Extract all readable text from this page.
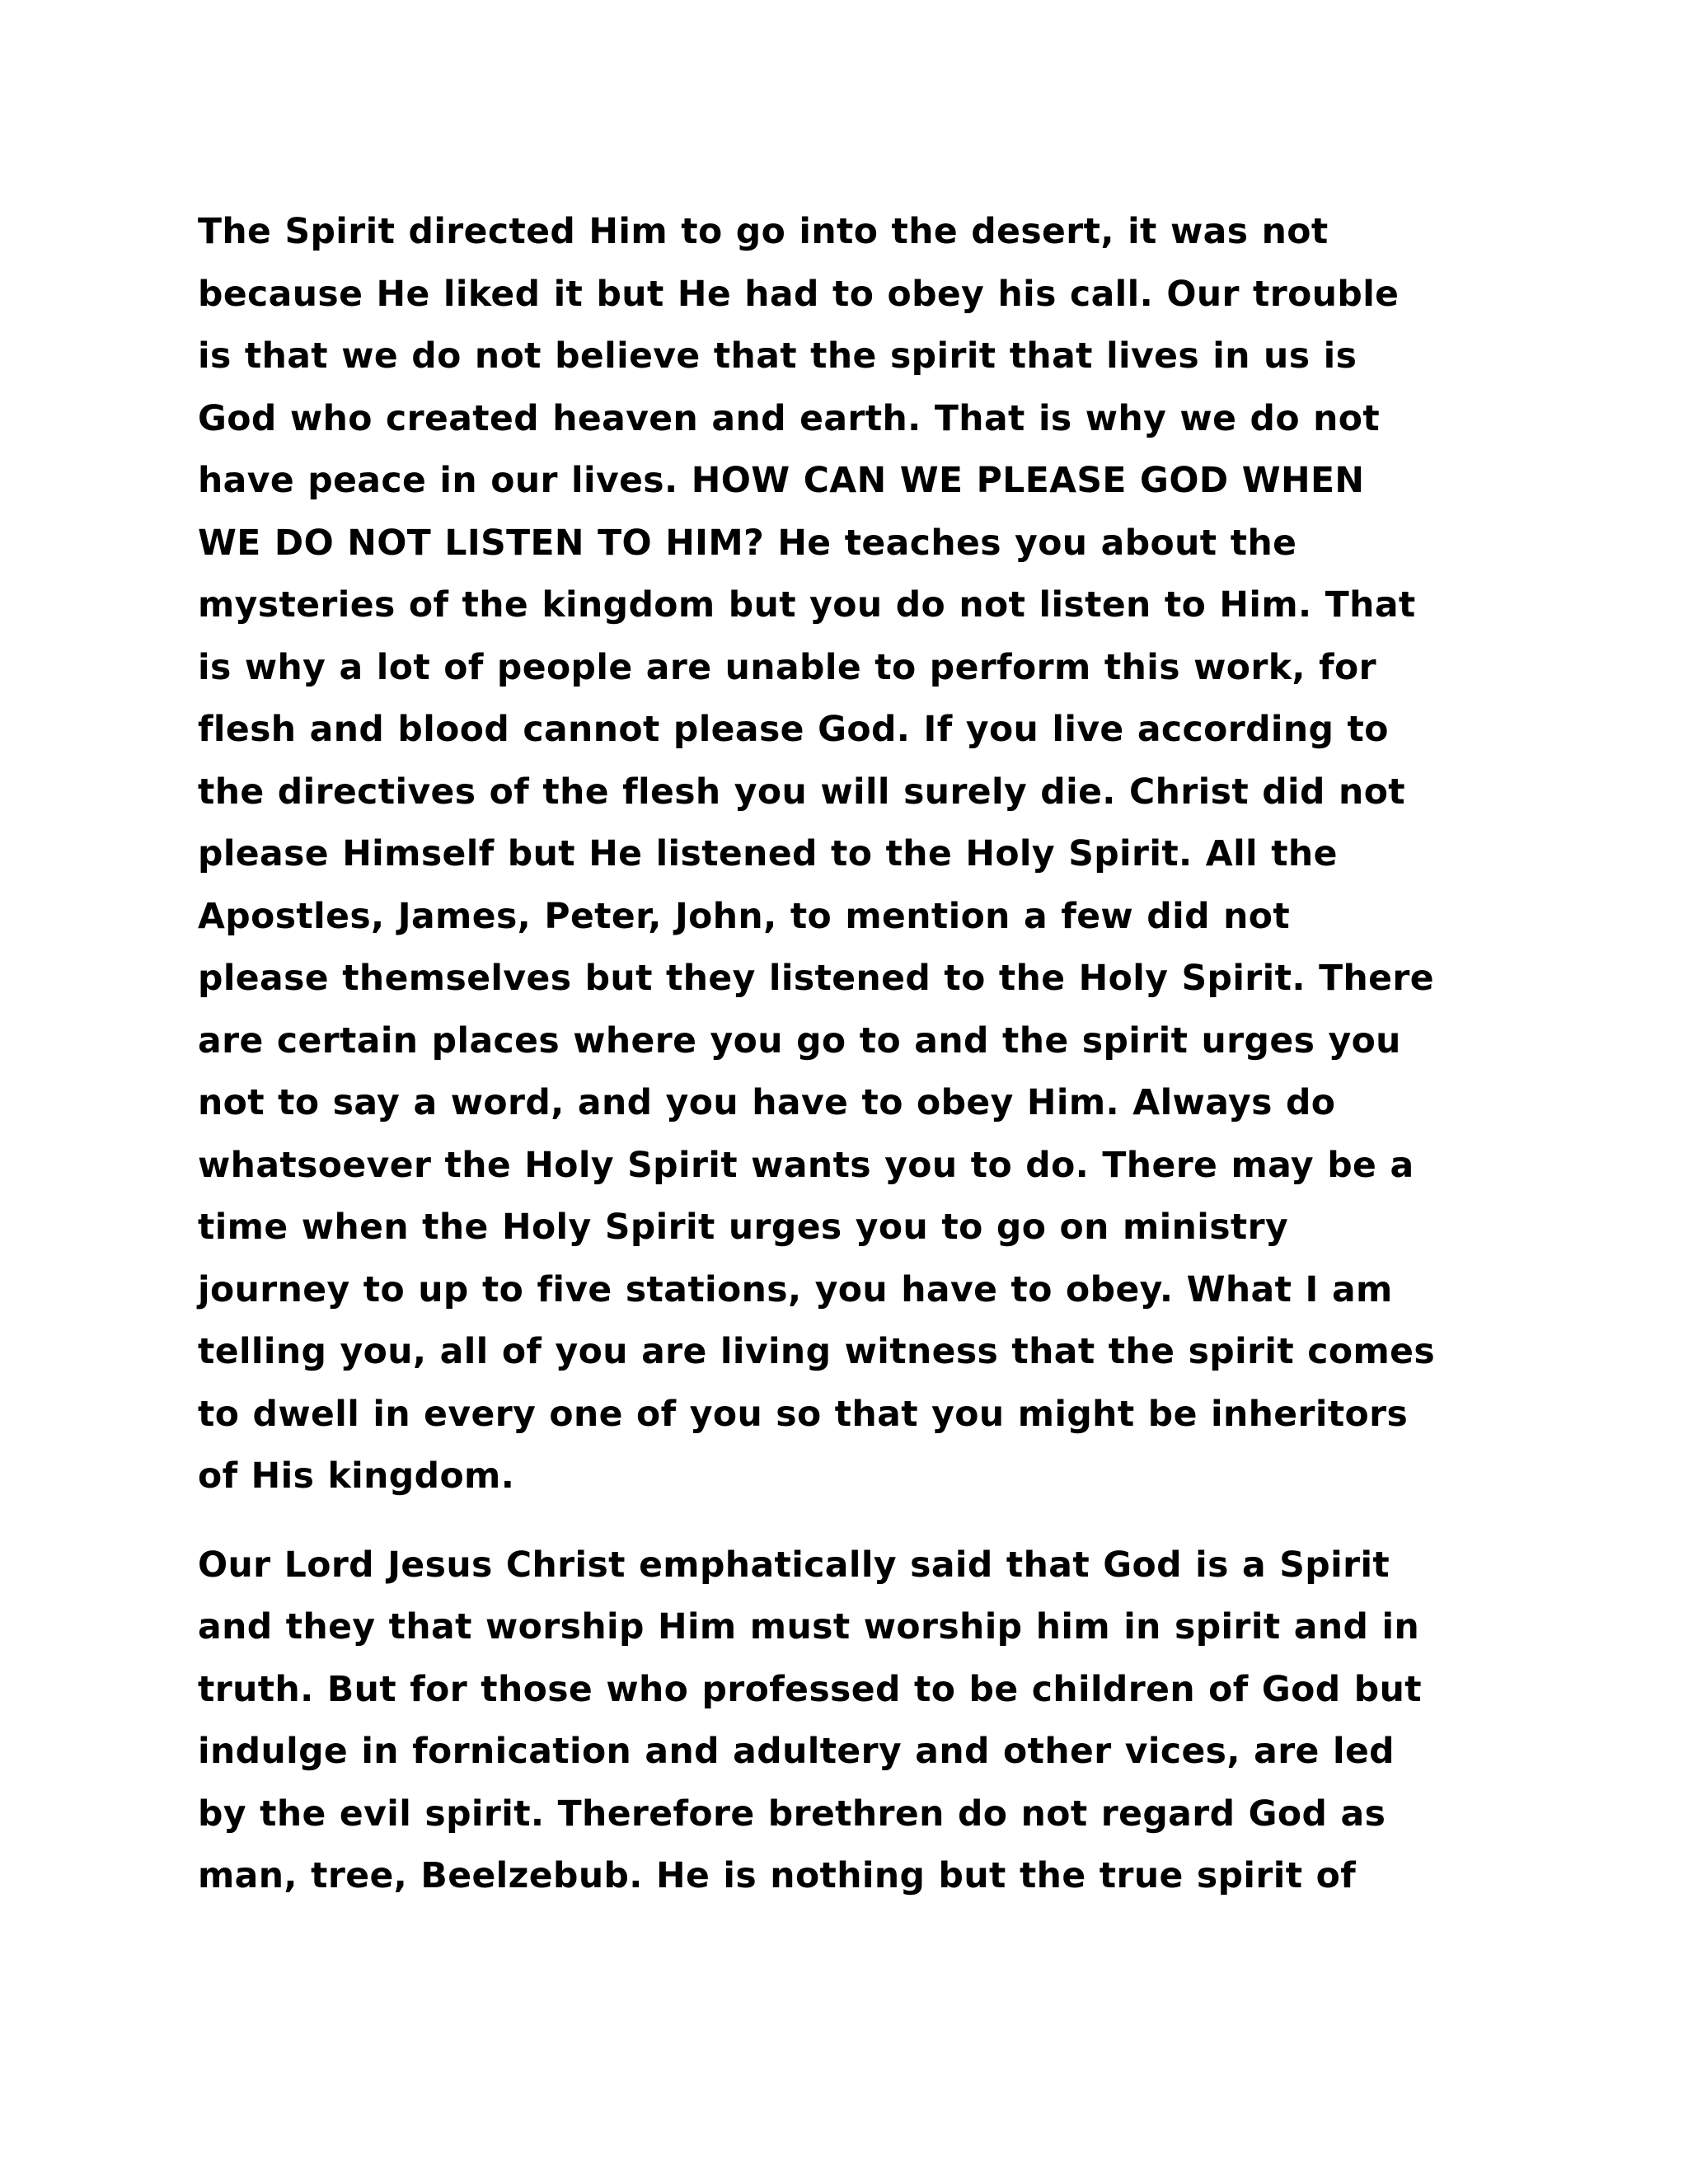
The Spirit directed Him to go into the desert, it was not
because He liked it but He had to obey his call. Our trouble
is that we do not believe that the spirit that lives in us is
God who created heaven and earth. That is why we do not
have peace in our lives. HOW CAN WE PLEASE GOD WHEN
WE DO NOT LISTEN TO HIM? He teaches you about the
mysteries of the kingdom but you do not listen to Him. That
is why a lot of people are unable to perform this work, for
flesh and blood cannot please God. If you live according to
the directives of the flesh you will surely die. Christ did not
please Himself but He listened to the Holy Spirit. All the
Apostles, James, Peter, John, to mention a few did not
please themselves but they listened to the Holy Spirit. There
are certain places where you go to and the spirit urges you
not to say a word, and you have to obey Him. Always do
whatsoever the Holy Spirit wants you to do. There may be a
time when the Holy Spirit urges you to go on ministry
journey to up to five stations, you have to obey. What I am
telling you, all of you are living witness that the spirit comes
to dwell in every one of you so that you might be inheritors
of His kingdom.

Our Lord Jesus Christ emphatically said that God is a Spirit
and they that worship Him must worship him in spirit and in
truth. But for those who professed to be children of God but
indulge in fornication and adultery and other vices, are led
by the evil spirit. Therefore brethren do not regard God as
man, tree, Beelzebub. He is nothing but the true spirit of
